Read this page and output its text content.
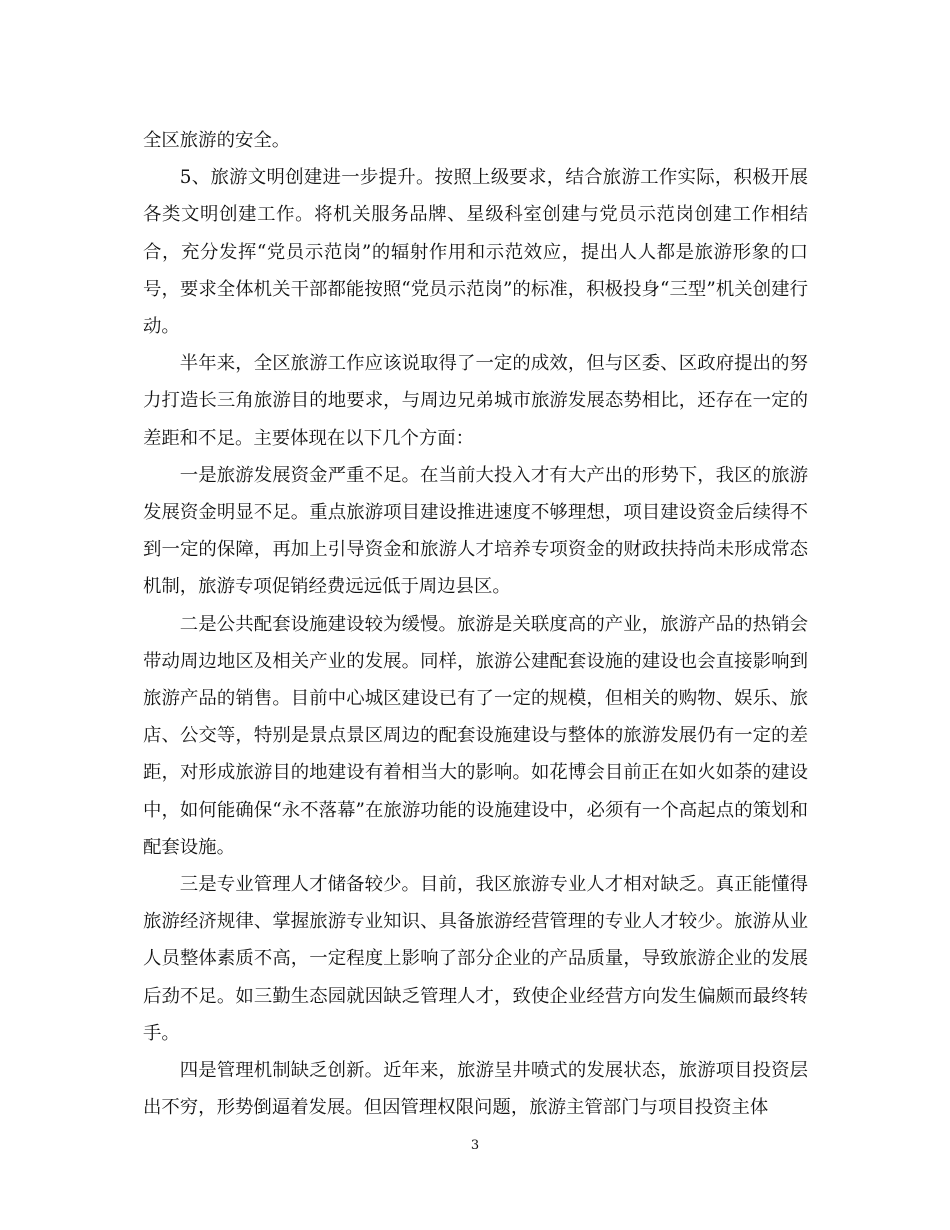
全区旅游的安全。

5、旅游文明创建进一步提升。按照上级要求，结合旅游工作实际，积极开展各类文明创建工作。将机关服务品牌、星级科室创建与党员示范岗创建工作相结合，充分发挥“党员示范岗”的辐射作用和示范效应，提出人人都是旅游形象的口号，要求全体机关干部都能按照“党员示范岗”的标准，积极投身“三型”机关创建行动。

半年来，全区旅游工作应该说取得了一定的成效，但与区委、区政府提出的努力打造长三角旅游目的地要求，与周边兄弟城市旅游发展态势相比，还存在一定的差距和不足。主要体现在以下几个方面：

一是旅游发展资金严重不足。在当前大投入才有大产出的形势下，我区的旅游发展资金明显不足。重点旅游项目建设推进速度不够理想，项目建设资金后续得不到一定的保障，再加上引导资金和旅游人才培养专项资金的财政扶持尚未形成常态机制，旅游专项促销经费远远低于周边县区。

二是公共配套设施建设较为缓慢。旅游是关联度高的产业，旅游产品的热销会带动周边地区及相关产业的发展。同样，旅游公建配套设施的建设也会直接影响到旅游产品的销售。目前中心城区建设已有了一定的规模，但相关的购物、娱乐、旅店、公交等，特别是景点景区周边的配套设施建设与整体的旅游发展仍有一定的差距，对形成旅游目的地建设有着相当大的影响。如花博会目前正在如火如荼的建设中，如何能确保“永不落幕”在旅游功能的设施建设中，必须有一个高起点的策划和配套设施。

三是专业管理人才储备较少。目前，我区旅游专业人才相对缺乏。真正能懂得旅游经济规律、掌握旅游专业知识、具备旅游经营管理的专业人才较少。旅游从业人员整体素质不高，一定程度上影响了部分企业的产品质量，导致旅游企业的发展后劲不足。如三勤生态园就因缺乏管理人才，致使企业经营方向发生偏颇而最终转手。

四是管理机制缺乏创新。近年来，旅游呈井喷式的发展状态，旅游项目投资层出不穷，形势倒逼着发展。但因管理权限问题，旅游主管部门与项目投资主体

3
